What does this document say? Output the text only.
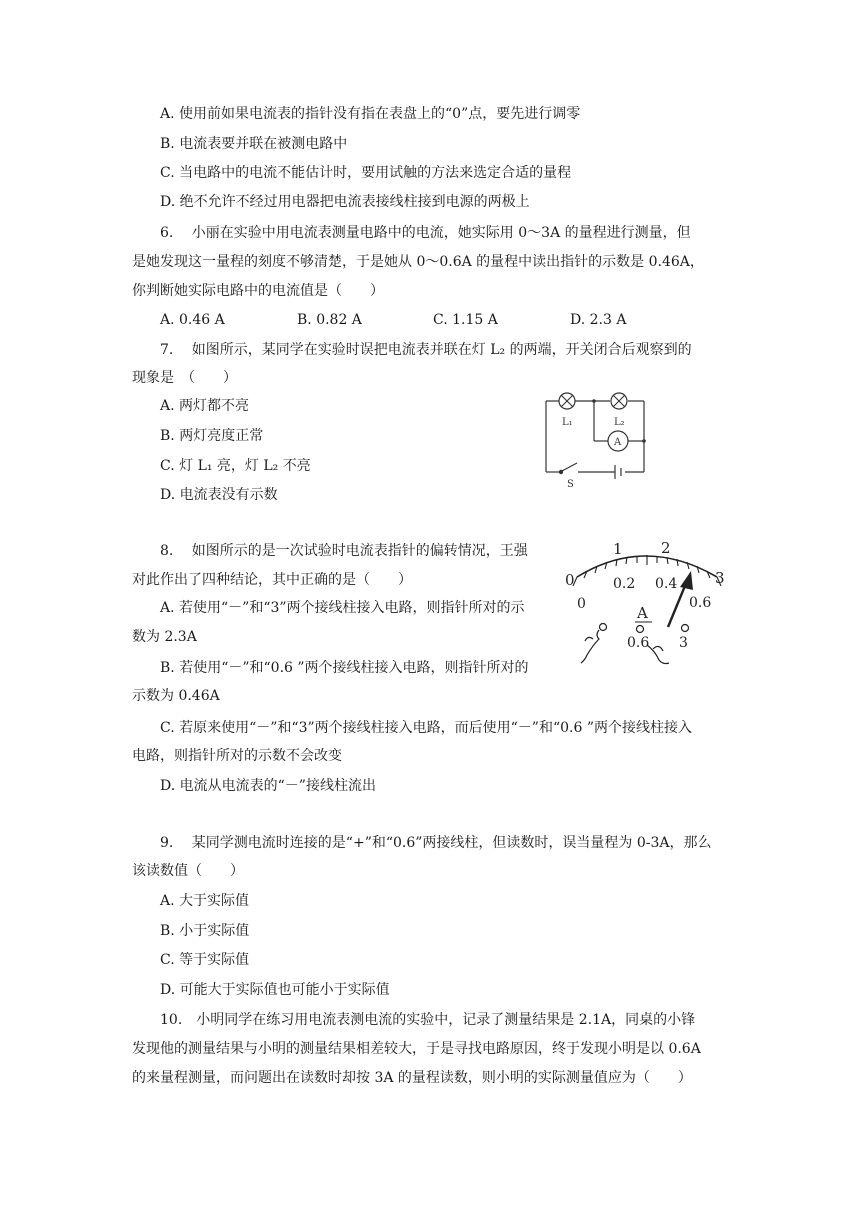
A. 使用前如果电流表的指针没有指在表盘上的“0”点，要先进行调零
B. 电流表要并联在被测电路中
C. 当电路中的电流不能估计时，要用试触的方法来选定合适的量程
D. 绝不允许不经过用电器把电流表接线柱接到电源的两极上
6.　 小丽在实验中用电流表测量电路中的电流，她实际用 0～3A 的量程进行测量，但
是她发现这一量程的刻度不够清楚，于是她从 0～0.6A 的量程中读出指针的示数是 0.46A，
你判断她实际电路中的电流值是（　　）
A. 0.46 A	B. 0.82 A	C. 1.15 A	D. 2.3 A
7.　 如图所示，某同学在实验时误把电流表并联在灯 L₂ 的两端，开关闭合后观察到的
现象是　（　　）
A. 两灯都不亮
B. 两灯亮度正常
C. 灯 L₁ 亮，灯 L₂ 不亮
D. 电流表没有示数
L₁	L₂
A
S
8.　 如图所示的是一次试验时电流表指针的偏转情况，王强
对此作出了四种结论，其中正确的是（　　）
A. 若使用“－”和“3”两个接线柱接入电路，则指针所对的示
数为 2.3A
B. 若使用“－”和“0.6 ”两个接线柱接入电路，则指针所对的
示数为 0.46A
C. 若原来使用“－”和“3”两个接线柱接入电路，而后使用“－”和“0.6 ”两个接线柱接入
电路，则指针所对的示数不会改变
D. 电流从电流表的“－”接线柱流出
0
1	2
3
0
0.2 0.4
0.6
A
0.6 3
9.　 某同学测电流时连接的是“+”和“0.6”两接线柱，但读数时，误当量程为 0-3A，那么
该读数值（　　）
A. 大于实际值
B. 小于实际值
C. 等于实际值
D. 可能大于实际值也可能小于实际值
10.　小明同学在练习用电流表测电流的实验中，记录了测量结果是 2.1A，同桌的小锋
发现他的测量结果与小明的测量结果相差较大，于是寻找电路原因，终于发现小明是以 0.6A
的来量程测量，而问题出在读数时却按 3A 的量程读数，则小明的实际测量值应为（　　）
